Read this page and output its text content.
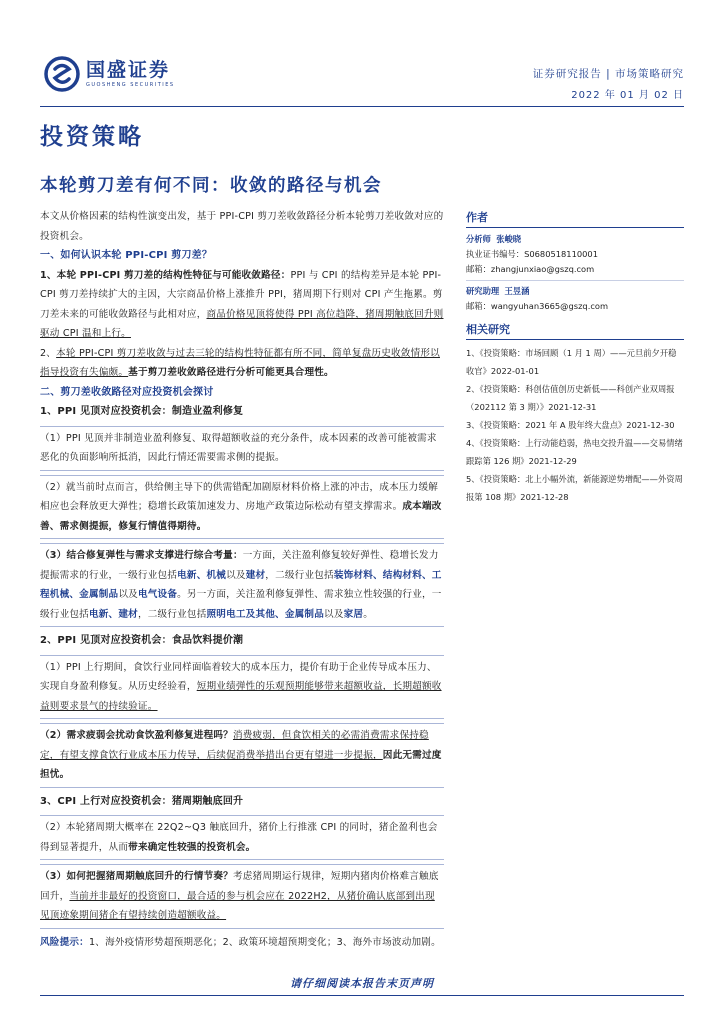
国盛证券
GUOSHENG SECURITIES
证券研究报告 | 市场策略研究
2022 年 01 月 02 日
投资策略
本轮剪刀差有何不同：收敛的路径与机会

本文从价格因素的结构性演变出发，基于 PPI-CPI 剪刀差收敛路径分析本轮剪刀差收敛对应的投资机会。

一、如何认识本轮 PPI-CPI 剪刀差？

1、本轮 PPI-CPI 剪刀差的结构性特征与可能收敛路径：PPI 与 CPI 的结构差异是本轮 PPI-CPI 剪刀差持续扩大的主因，大宗商品价格上涨推升 PPI，猪周期下行则对 CPI 产生拖累。剪刀差未来的可能收敛路径与此相对应，商品价格见顶将使得 PPI 高位趋降，猪周期触底回升则驱动 CPI 温和上行。

2、本轮 PPI-CPI 剪刀差收敛与过去三轮的结构性特征都有所不同，简单复盘历史收敛情形以指导投资有失偏颇。基于剪刀差收敛路径进行分析可能更具合理性。

二、剪刀差收敛路径对应投资机会探讨

1、PPI 见顶对应投资机会：制造业盈利修复

（1）PPI 见顶并非制造业盈利修复、取得超额收益的充分条件，成本因素的改善可能被需求恶化的负面影响所抵消，因此行情还需要需求侧的提振。

（2）就当前时点而言，供给侧主导下的供需错配加剧原材料价格上涨的冲击，成本压力缓解相应也会释放更大弹性；稳增长政策加速发力、房地产政策边际松动有望支撑需求。成本端改善、需求侧提振，修复行情值得期待。

（3）结合修复弹性与需求支撑进行综合考量：一方面，关注盈利修复较好弹性、稳增长发力提振需求的行业，一级行业包括电新、机械以及建材，二级行业包括装饰材料、结构材料、工程机械、金属制品以及电气设备。另一方面，关注盈利修复弹性、需求独立性较强的行业，一级行业包括电新、建材，二级行业包括照明电工及其他、金属制品以及家居。

2、PPI 见顶对应投资机会：食品饮料提价潮

（1）PPI 上行期间，食饮行业同样面临着较大的成本压力，提价有助于企业传导成本压力、实现自身盈利修复。从历史经验看，短期业绩弹性的乐观预期能够带来超额收益，长期超额收益则要求景气的持续验证。

（2）需求疲弱会扰动食饮盈利修复进程吗？消费疲弱，但食饮相关的必需消费需求保持稳定，有望支撑食饮行业成本压力传导，后续促消费举措出台更有望进一步提振，因此无需过度担忧。

3、CPI 上行对应投资机会：猪周期触底回升

（2）本轮猪周期大概率在 22Q2~Q3 触底回升，猪价上行推涨 CPI 的同时，猪企盈利也会得到显著提升，从而带来确定性较强的投资机会。

（3）如何把握猪周期触底回升的行情节奏？考虑猪周期运行规律，短期内猪肉价格难言触底回升，当前并非最好的投资窗口，最合适的参与机会应在 2022H2，从猪价确认底部到出现见顶迹象期间猪企有望持续创造超额收益。

风险提示：1、海外疫情形势超预期恶化；2、政策环境超预期变化；3、海外市场波动加剧。

作者
分析师 张峻晓
执业证书编号：S0680518110001
邮箱：zhangjunxiao@gszq.com
研究助理 王昱涵
邮箱：wangyuhan3665@gszq.com
相关研究

1、《投资策略：市场回顾（1 月 1 周）——元旦前夕开稳收官》2022-01-01

2、《投资策略：科创估值创历史新低——科创产业双周报（202112 第 3 期）》2021-12-31

3、《投资策略：2021 年 A 股年终大盘点》2021-12-30

4、《投资策略：上行动能趋弱，热电交投升温——交易情绪跟踪第 126 期》2021-12-29

5、《投资策略：北上小幅外流，新能源逆势增配——外资周报第 108 期》2021-12-28

请仔细阅读本报告末页声明
